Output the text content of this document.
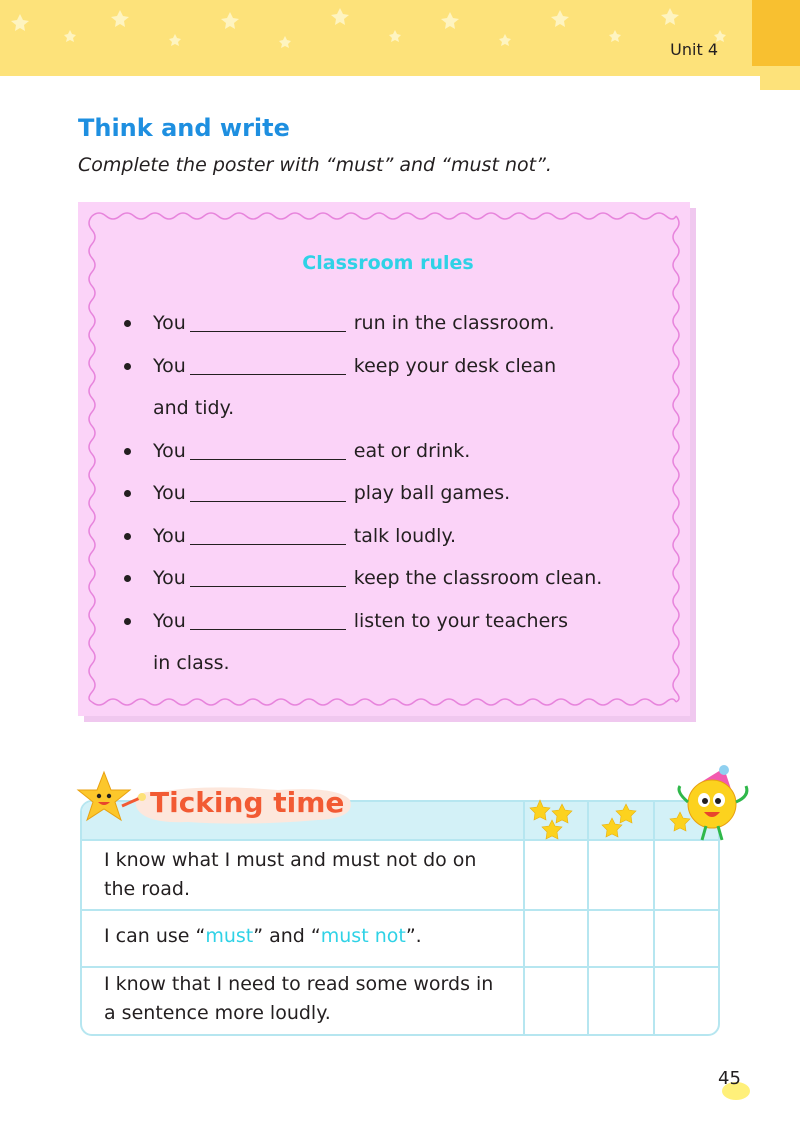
Unit 4
Think and write
Complete the poster with “must” and “must not”.
Classroom rules
You	run in the classroom.
You	keep your desk clean
and tidy.
You	eat or drink.
You	play ball games.
You	talk loudly.
You	keep the classroom clean.
You	listen to your teachers
in class.
I know what I must and must not do on
the road.
I can use “must” and “must not”.
I know that I need to read some words in
a sentence more loudly.
Ticking time
45
